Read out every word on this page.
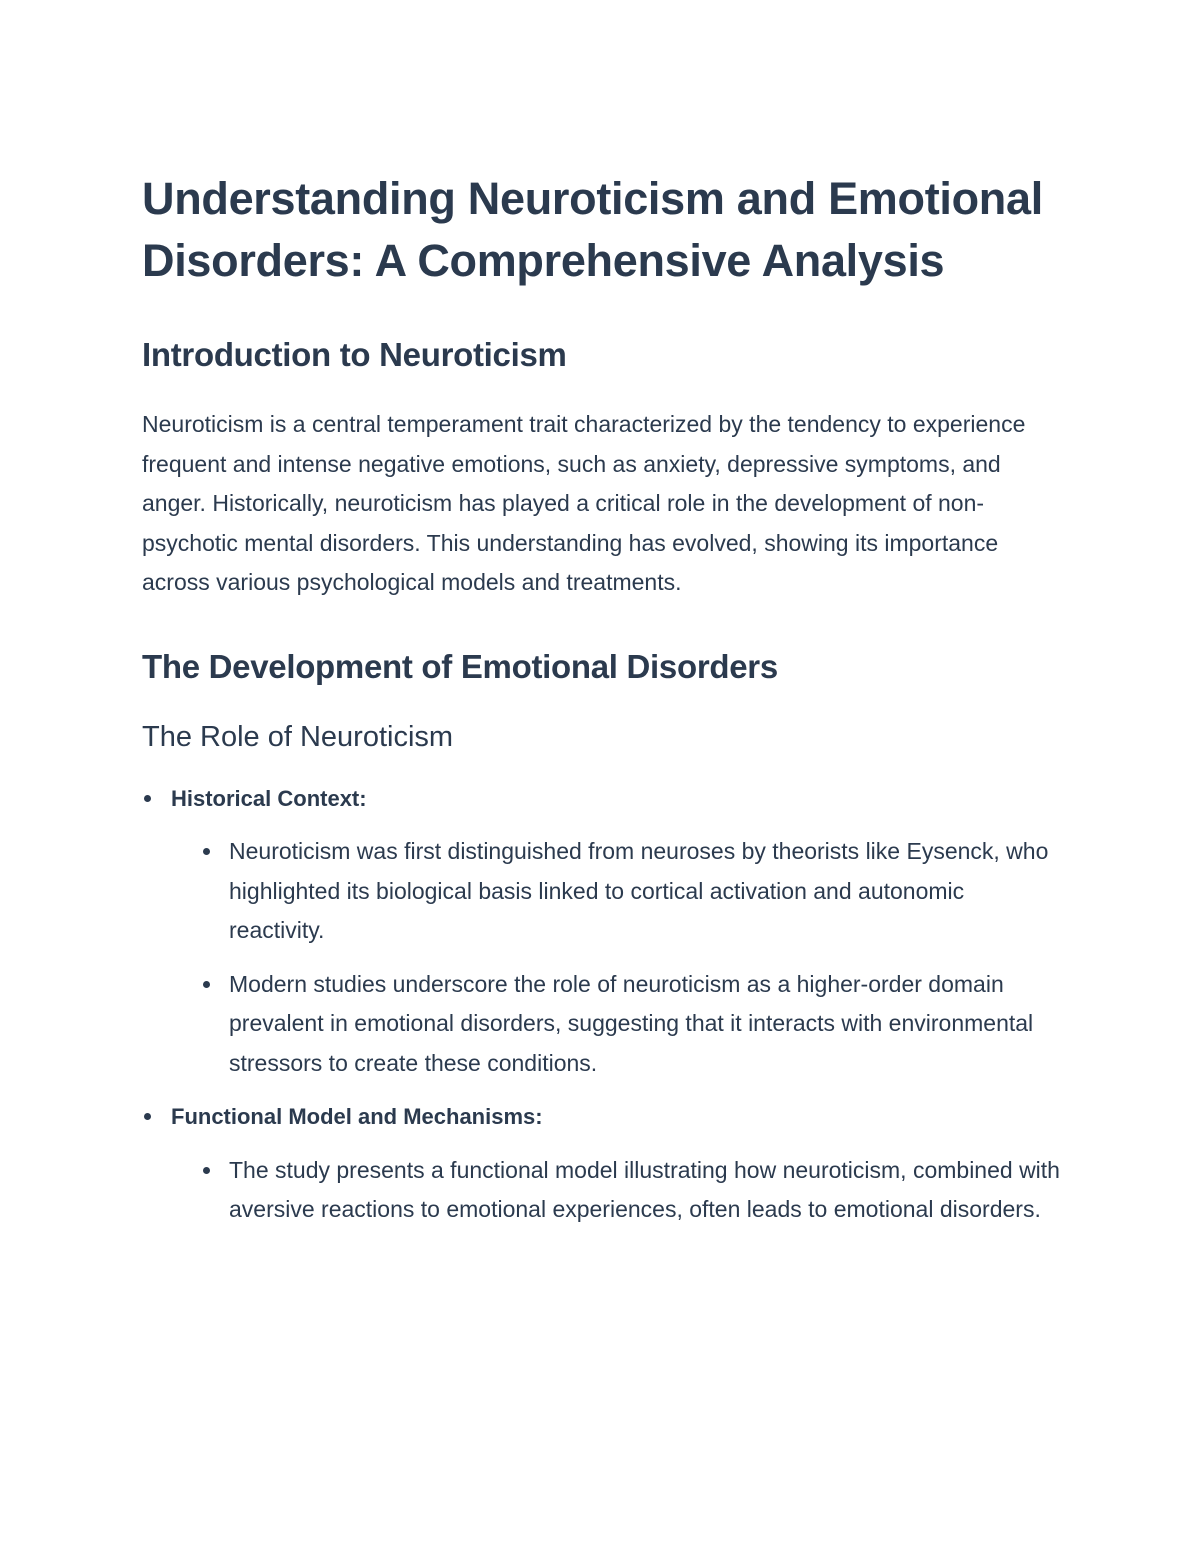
Understanding Neuroticism and Emotional Disorders: A Comprehensive Analysis
Introduction to Neuroticism

Neuroticism is a central temperament trait characterized by the tendency to experience frequent and intense negative emotions, such as anxiety, depressive symptoms, and anger. Historically, neuroticism has played a critical role in the development of non-psychotic mental disorders. This understanding has evolved, showing its importance across various psychological models and treatments.

The Development of Emotional Disorders
The Role of Neuroticism
Historical Context:
Neuroticism was first distinguished from neuroses by theorists like Eysenck, who highlighted its biological basis linked to cortical activation and autonomic reactivity.
Modern studies underscore the role of neuroticism as a higher-order domain prevalent in emotional disorders, suggesting that it interacts with environmental stressors to create these conditions.
Functional Model and Mechanisms:
The study presents a functional model illustrating how neuroticism, combined with aversive reactions to emotional experiences, often leads to emotional disorders.
